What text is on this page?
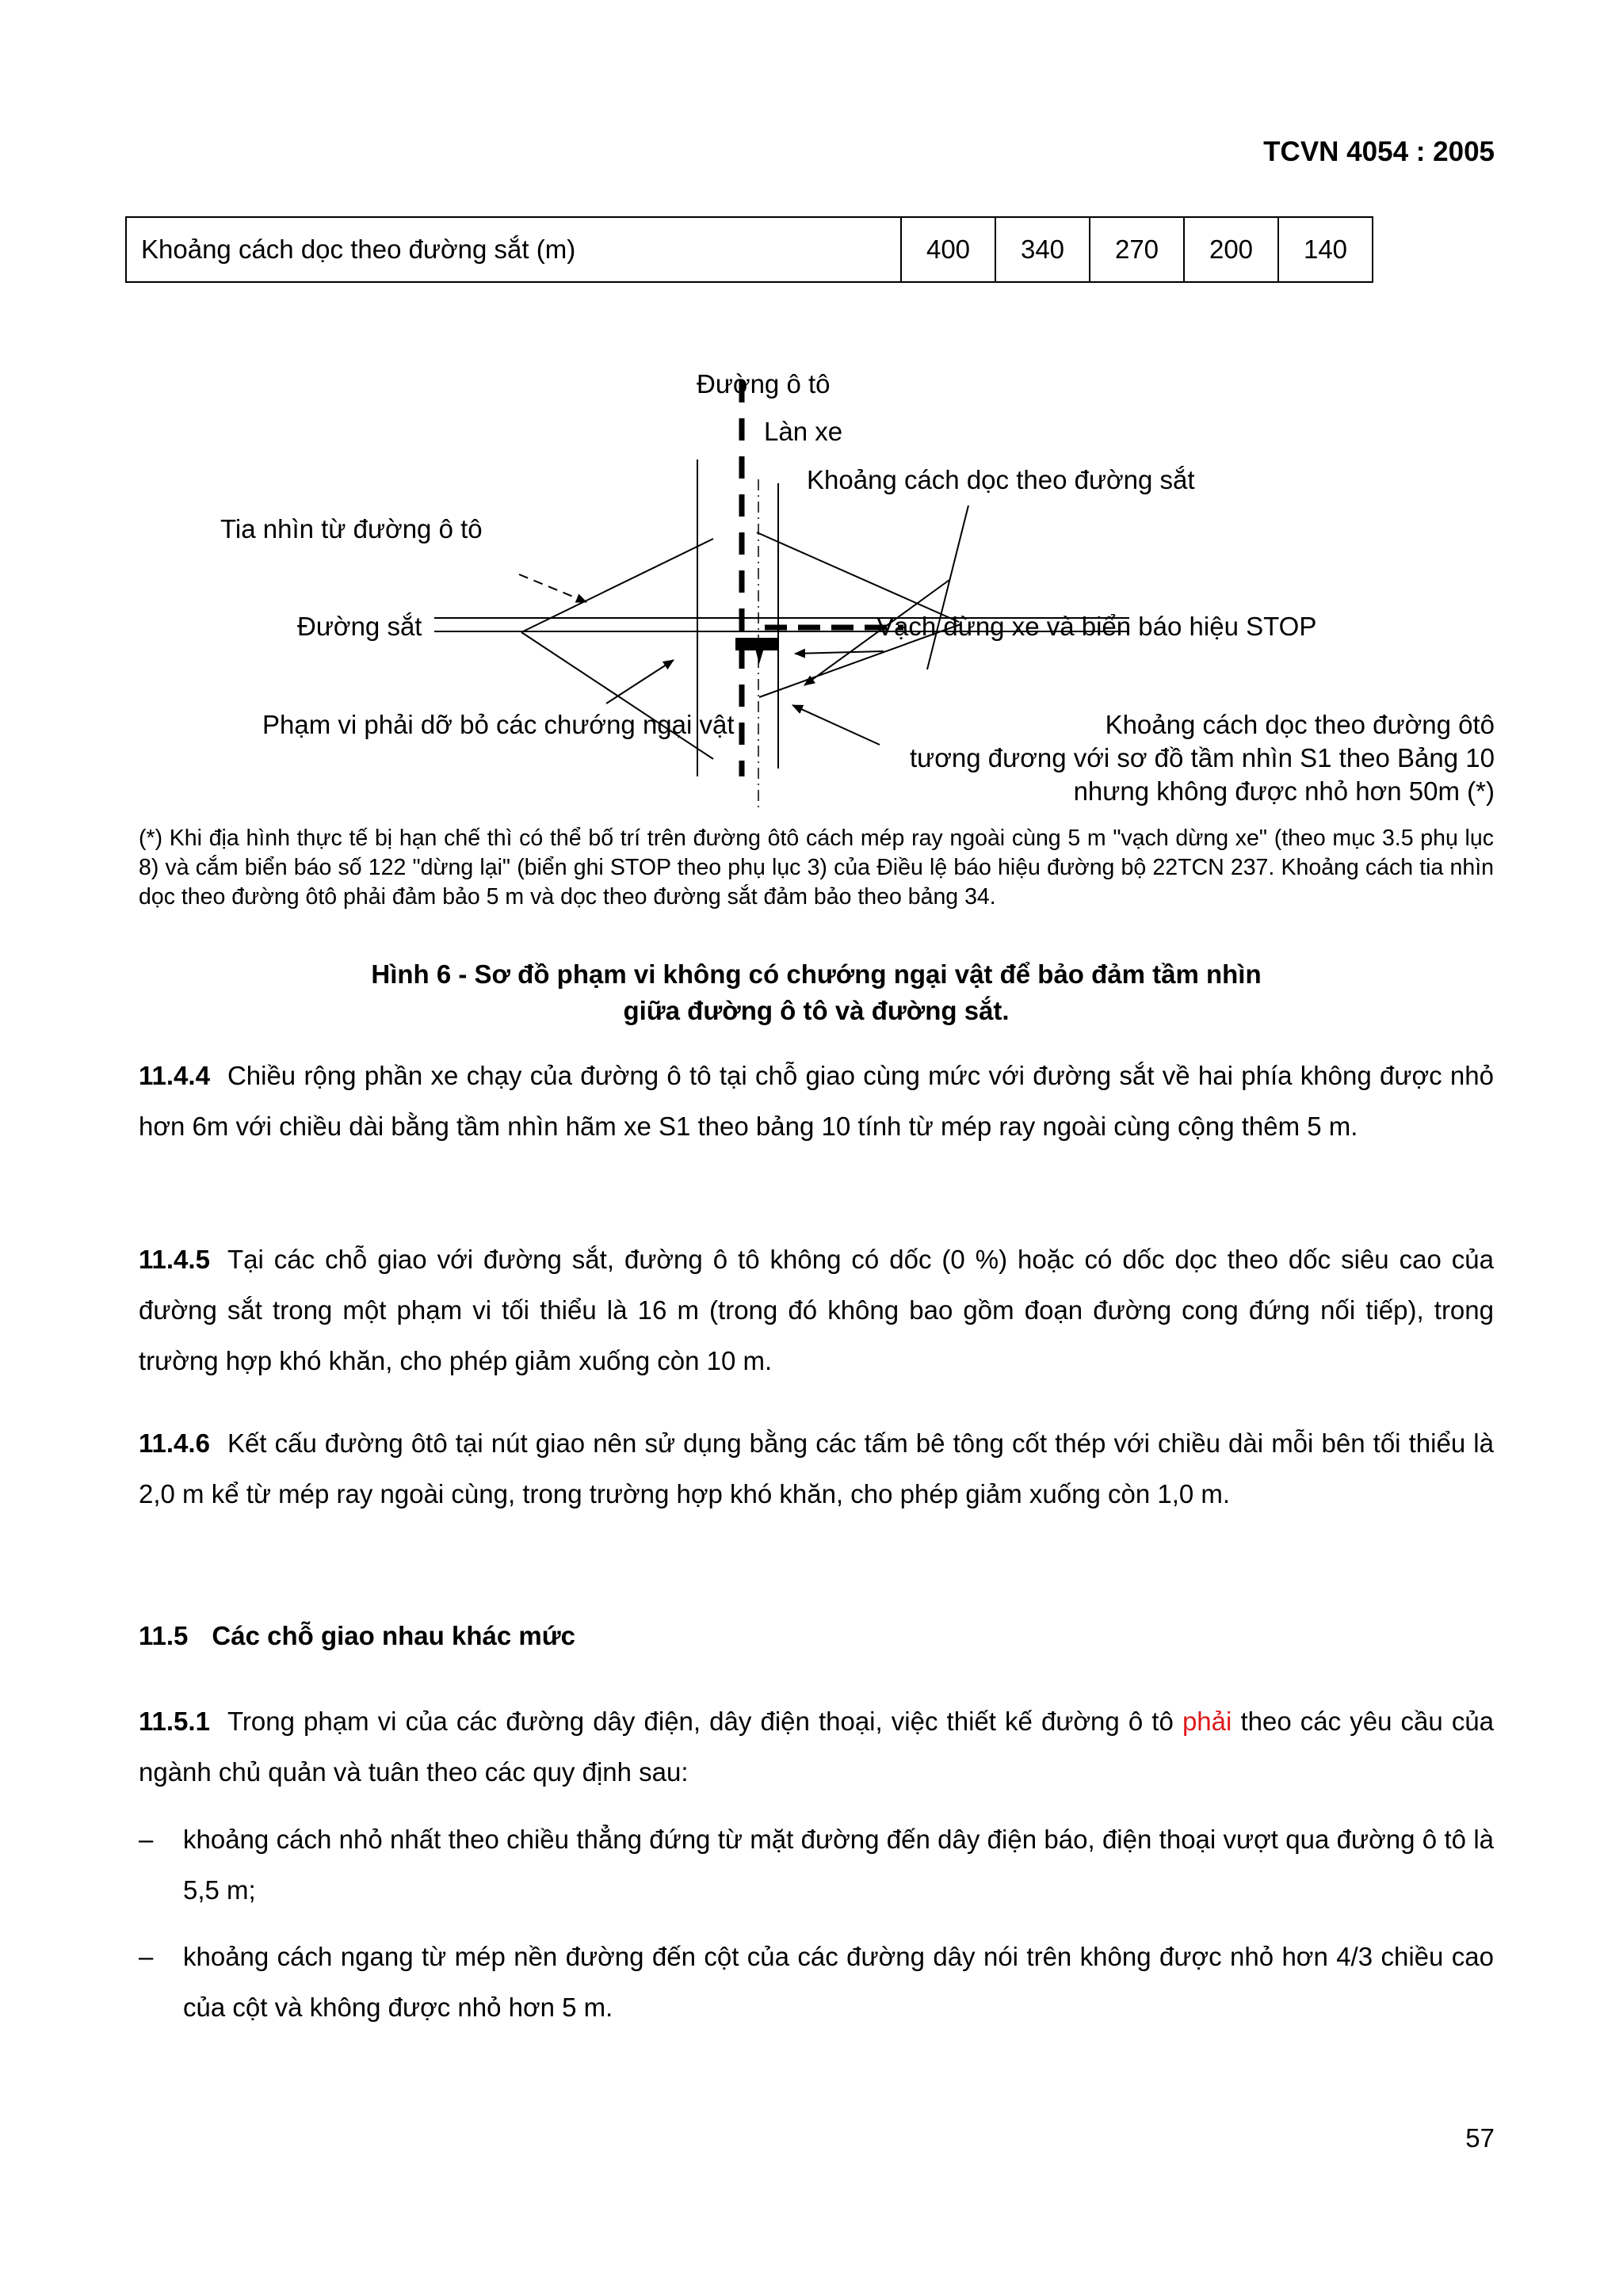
TCVN 4054 : 2005
Khoảng cách dọc theo đường sắt (m)	400	340	270	200	140
Đường ô tô
Làn xe
Khoảng cách dọc theo đường sắt
Tia nhìn từ đường ô tô
Đường sắt	Vạch dừng xe và biển báo hiệu STOP
Phạm vi phải dỡ bỏ các chướng ngại vật	Khoảng cách dọc theo đường ôtô
tương đương với sơ đồ tầm nhìn S1 theo Bảng 10
nhưng không được nhỏ hơn 50m (*)
(*) Khi địa hình thực tế bị hạn chế thì có thể bố trí trên đường ôtô cách mép ray ngoài cùng 5 m "vạch dừng xe" (theo mục 3.5 phụ lục 8) và cắm biển báo số 122 "dừng lại" (biển ghi STOP theo phụ lục 3) của Điều lệ báo hiệu đường bộ 22TCN 237. Khoảng cách tia nhìn dọc theo đường ôtô phải đảm bảo 5 m và dọc theo đường sắt đảm bảo theo bảng 34.
Hình 6 - Sơ đồ phạm vi không có chướng ngại vật để bảo đảm tầm nhìn
giữa đường ô tô và đường sắt.
11.4.4 Chiều rộng phần xe chạy của đường ô tô tại chỗ giao cùng mức với đường sắt về hai phía không được nhỏ hơn 6m với chiều dài bằng tầm nhìn hãm xe S1 theo bảng 10 tính từ mép ray ngoài cùng cộng thêm 5 m.
11.4.5 Tại các chỗ giao với đường sắt, đường ô tô không có dốc (0 %) hoặc có dốc dọc theo dốc siêu cao của đường sắt trong một phạm vi tối thiểu là 16 m (trong đó không bao gồm đoạn đường cong đứng nối tiếp), trong trường hợp khó khăn, cho phép giảm xuống còn 10 m.
11.4.6 Kết cấu đường ôtô tại nút giao nên sử dụng bằng các tấm bê tông cốt thép với chiều dài mỗi bên tối thiểu là 2,0 m kể từ mép ray ngoài cùng, trong trường hợp khó khăn, cho phép giảm xuống còn 1,0 m.
11.5 Các chỗ giao nhau khác mức
11.5.1 Trong phạm vi của các đường dây điện, dây điện thoại, việc thiết kế đường ô tô phải theo các yêu cầu của ngành chủ quản và tuân theo các quy định sau:
– khoảng cách nhỏ nhất theo chiều thẳng đứng từ mặt đường đến dây điện báo, điện thoại vượt qua đường ô tô là 5,5 m;
– khoảng cách ngang từ mép nền đường đến cột của các đường dây nói trên không được nhỏ hơn 4/3 chiều cao của cột và không được nhỏ hơn 5 m.
57
